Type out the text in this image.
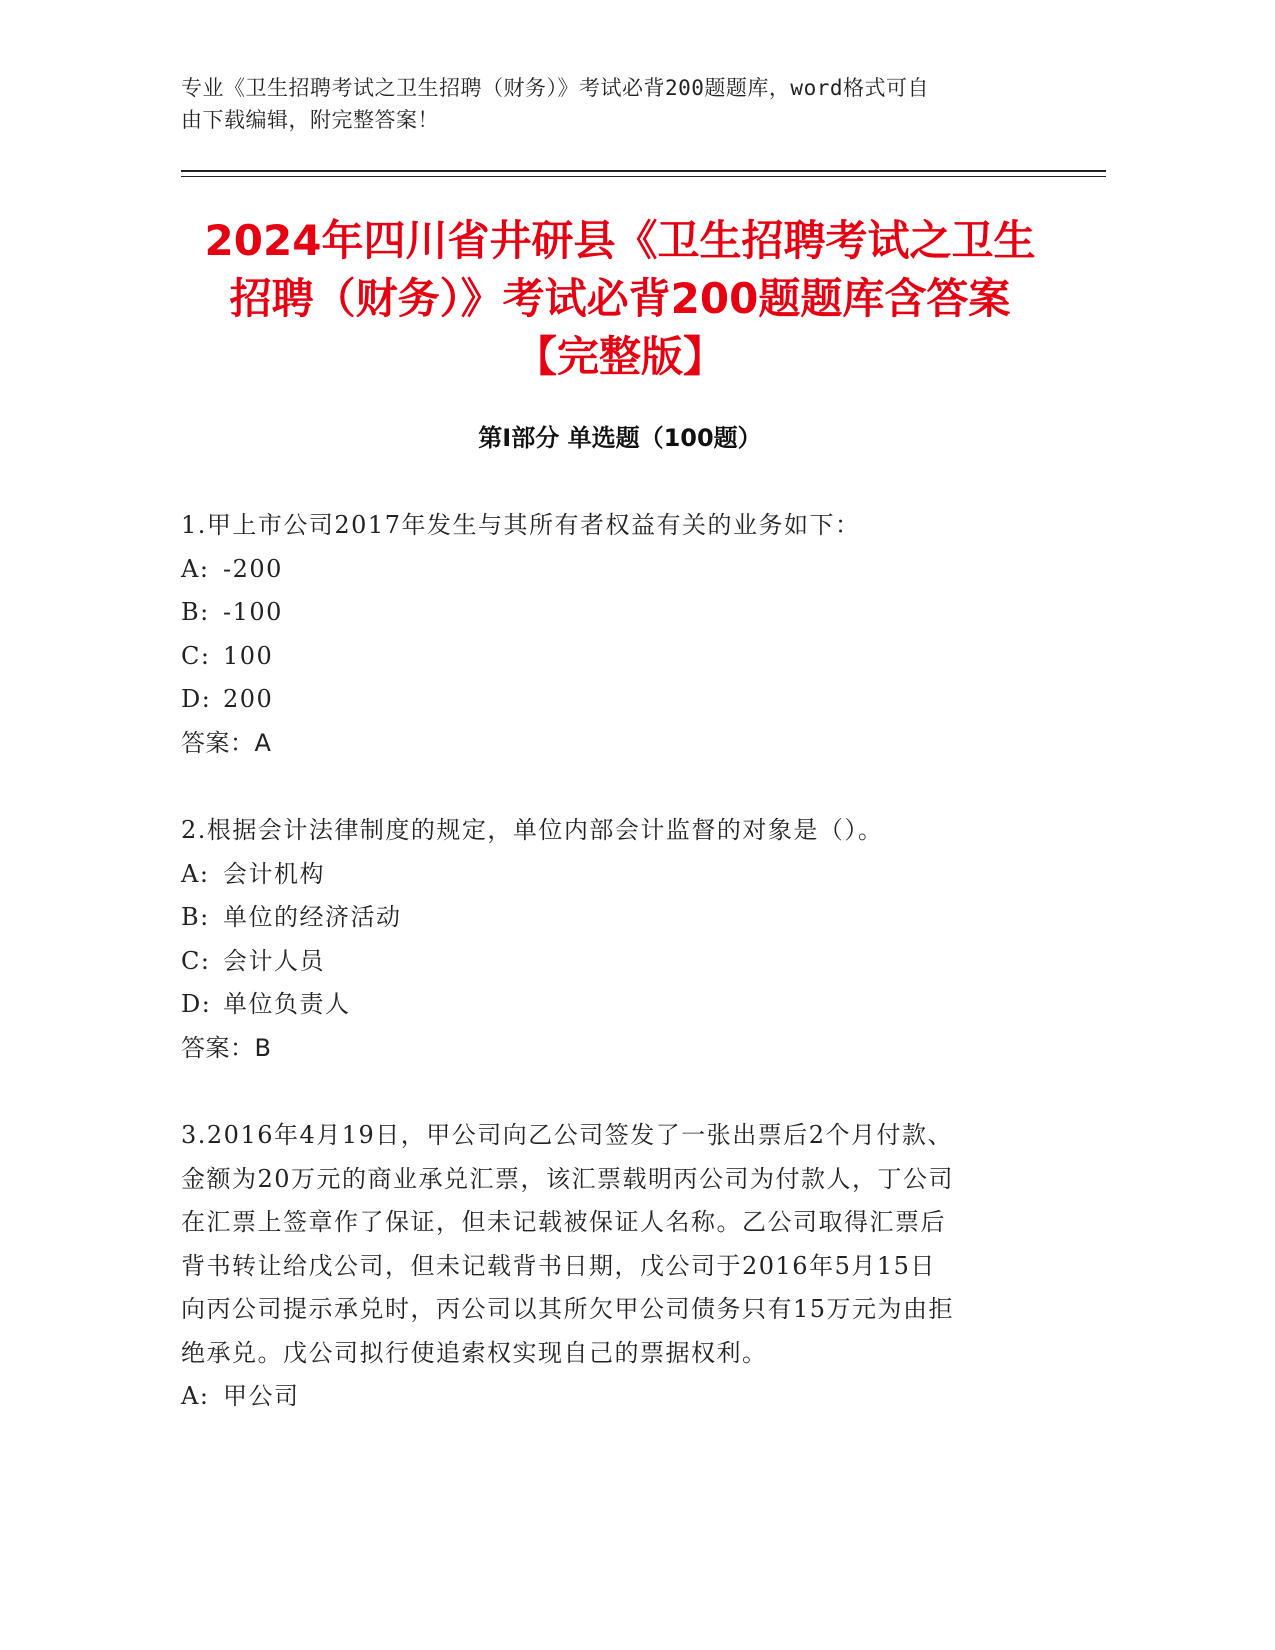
专业《卫生招聘考试之卫生招聘（财务）》考试必背200题题库，word格式可自
由下载编辑，附完整答案！
2024年四川省井研县《卫生招聘考试之卫生
招聘（财务）》考试必背200题题库含答案
【完整版】
第I部分 单选题（100题）
1.甲上市公司2017年发生与其所有者权益有关的业务如下：
A: -200
B: -100
C: 100
D: 200
答案：A
2.根据会计法律制度的规定，单位内部会计监督的对象是（）。
A: 会计机构
B: 单位的经济活动
C: 会计人员
D: 单位负责人
答案：B
3.2016年4月19日，甲公司向乙公司签发了一张出票后2个月付款、
金额为20万元的商业承兑汇票，该汇票载明丙公司为付款人，丁公司
在汇票上签章作了保证，但未记载被保证人名称。乙公司取得汇票后
背书转让给戊公司，但未记载背书日期，戊公司于2016年5月15日
向丙公司提示承兑时，丙公司以其所欠甲公司债务只有15万元为由拒
绝承兑。戊公司拟行使追索权实现自己的票据权利。
A: 甲公司
